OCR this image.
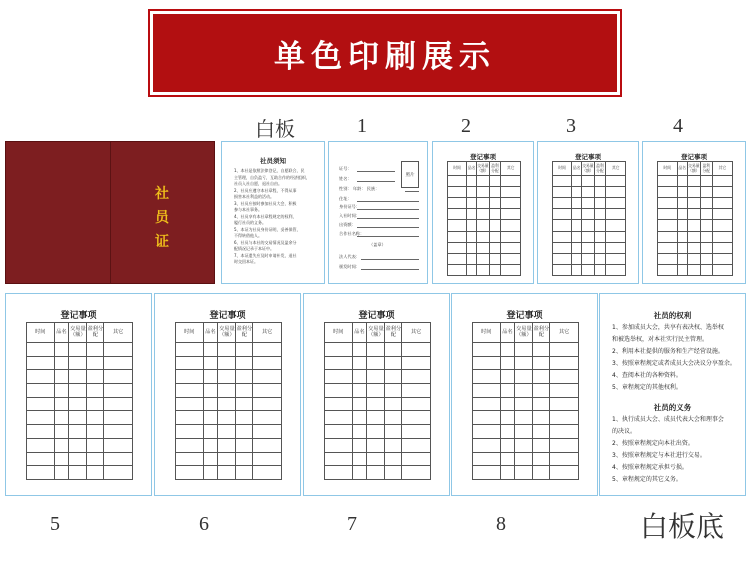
单色印刷展示
白板	1	2	3	4
社
员
证
社员须知
1、本社是依照法律登记，自愿联合，民
主管理，自负盈亏，互助合作的经济组织，
社员入社自愿，退社自由。
2、社员应遵守本社章程，不得从事
损害本社利益的活动。
3、社员应按时参加社员大会，积极
参与本社事务。
4、社员享有本社章程规定的权利，
履行社员的义务。
5、本证为社员身份证明，妥善保管，
不得转借他人。
6、社员与本社的交易情况及盈余分
配情况记录于本证中。
7、本证遗失应及时申请补发，退社
时交回本证。
证号：
姓名：
性别： 年龄： 民族：
住址：
身份证号：
入社时间：
出资额：
合作社名称：
照片
（盖章）
法人代表：
颁发时间：
登记事项
时间	品名	交易量（额）	盈利分配	其它

登记事项
时间	品名	交易量（额）	盈利分配	其它

登记事项
时间	品名	交易量（额）	盈利分配	其它

登记事项
时间	品名	交易量（额）	盈利分配	其它

登记事项
时间	品名	交易量（额）	盈利分配	其它

登记事项
时间	品名	交易量（额）	盈利分配	其它

登记事项
时间	品名	交易量（额）	盈利分配	其它

社员的权利
1、参加成员大会，共享有表决权、选举权
和被选举权，对本社实行民主管理。
2、利用本社提供的服务和生产经营设施。
3、按照章程规定或者成员大会决议分享盈余。
4、查阅本社的各种资料。
5、章程规定的其他权利。
社员的义务
1、执行成员大会、成员代表大会和理事会
的决议。
2、按照章程规定向本社出资。
3、按照章程规定与本社进行交易。
4、按照章程规定承担亏损。
5、章程规定的其它义务。
5	6	7	8	白板底
